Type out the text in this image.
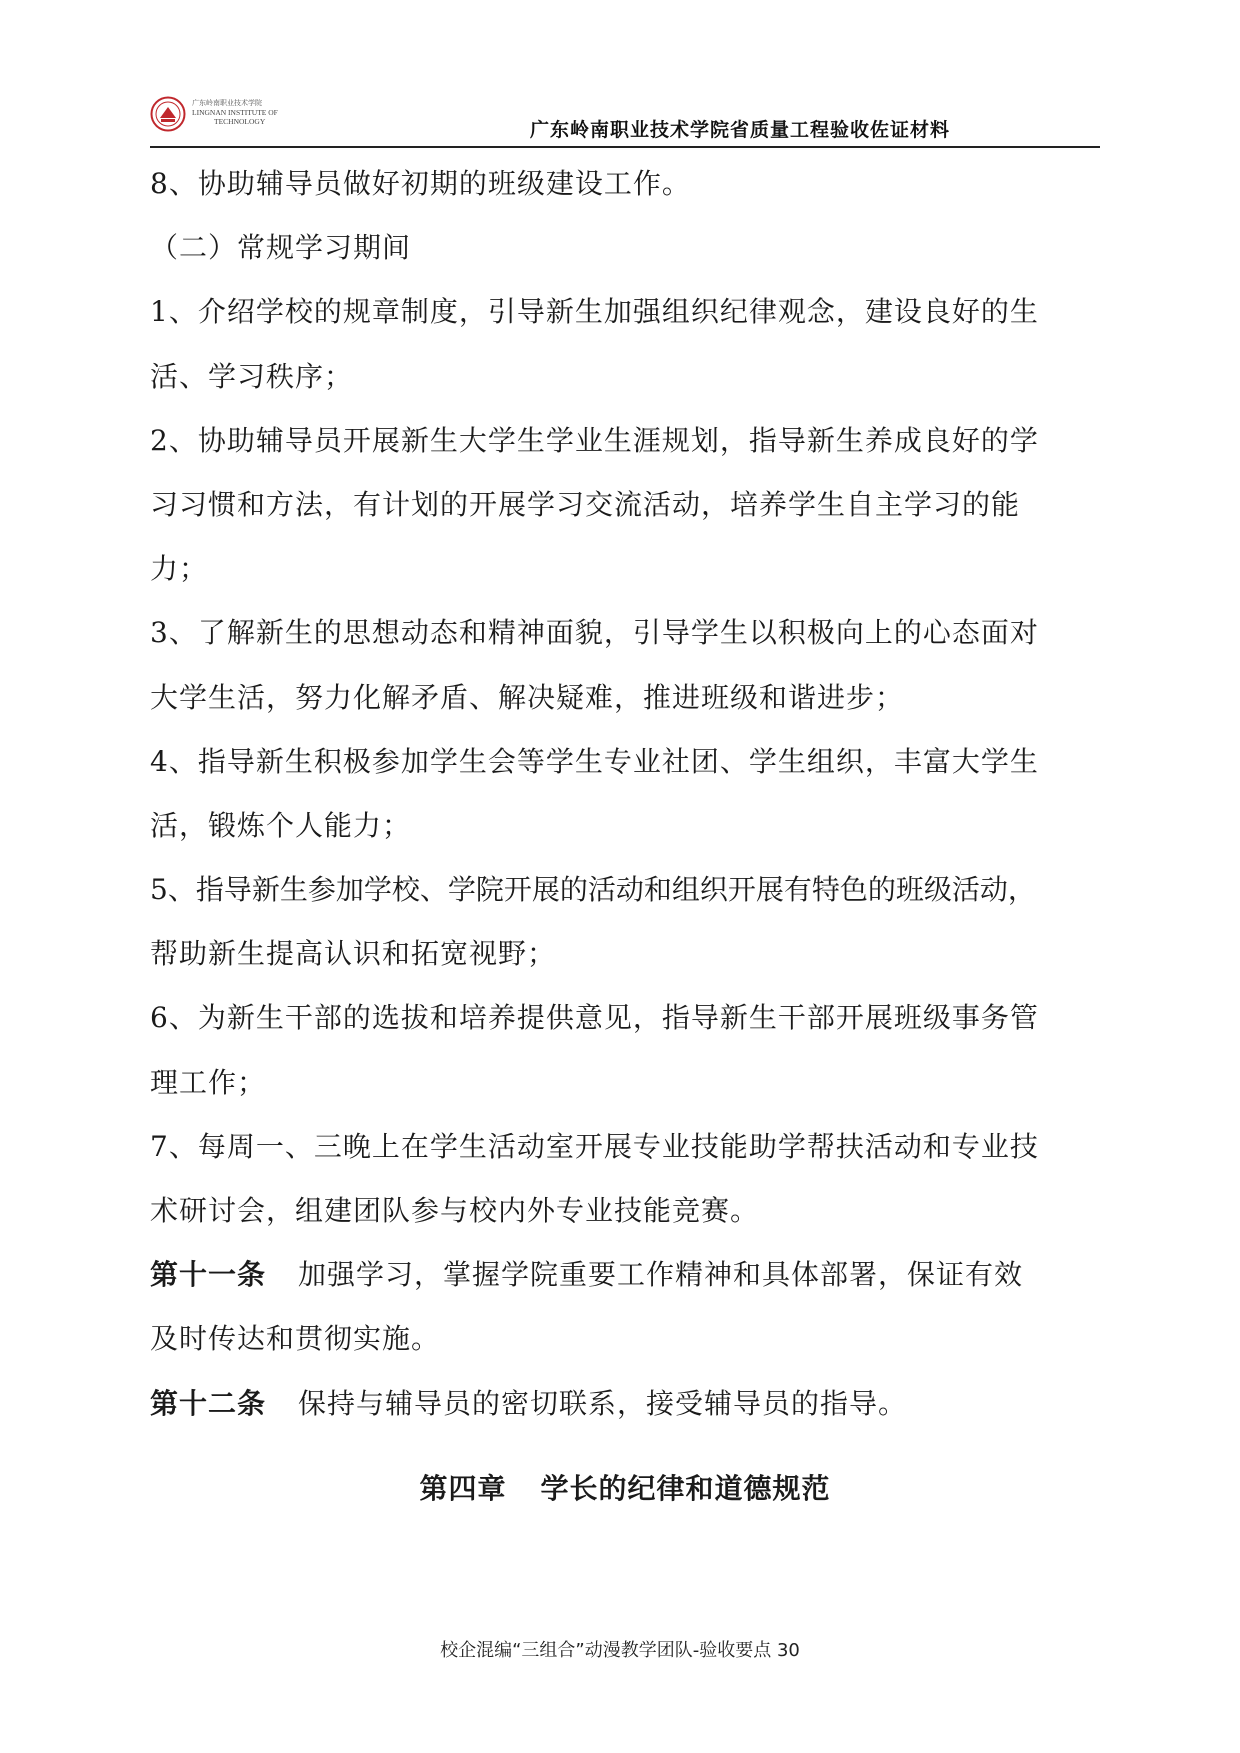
广东岭南职业技术学院
LINGNAN INSTITUTE OF
TECHNOLOGY	广东岭南职业技术学院省质量工程验收佐证材料
8、协助辅导员做好初期的班级建设工作。
（二）常规学习期间
1、介绍学校的规章制度，引导新生加强组织纪律观念，建设良好的生
活、学习秩序；
2、协助辅导员开展新生大学生学业生涯规划，指导新生养成良好的学
习习惯和方法，有计划的开展学习交流活动，培养学生自主学习的能
力；
3、了解新生的思想动态和精神面貌，引导学生以积极向上的心态面对
大学生活，努力化解矛盾、解决疑难，推进班级和谐进步；
4、指导新生积极参加学生会等学生专业社团、学生组织，丰富大学生
活，锻炼个人能力；
5、指导新生参加学校、学院开展的活动和组织开展有特色的班级活动，
帮助新生提高认识和拓宽视野；
6、为新生干部的选拔和培养提供意见，指导新生干部开展班级事务管
理工作；
7、每周一、三晚上在学生活动室开展专业技能助学帮扶活动和专业技
术研讨会，组建团队参与校内外专业技能竞赛。
第十一条 加强学习，掌握学院重要工作精神和具体部署，保证有效
及时传达和贯彻实施。
第十二条 保持与辅导员的密切联系，接受辅导员的指导。
第四章 学长的纪律和道德规范
校企混编“三组合”动漫教学团队-验收要点 30
